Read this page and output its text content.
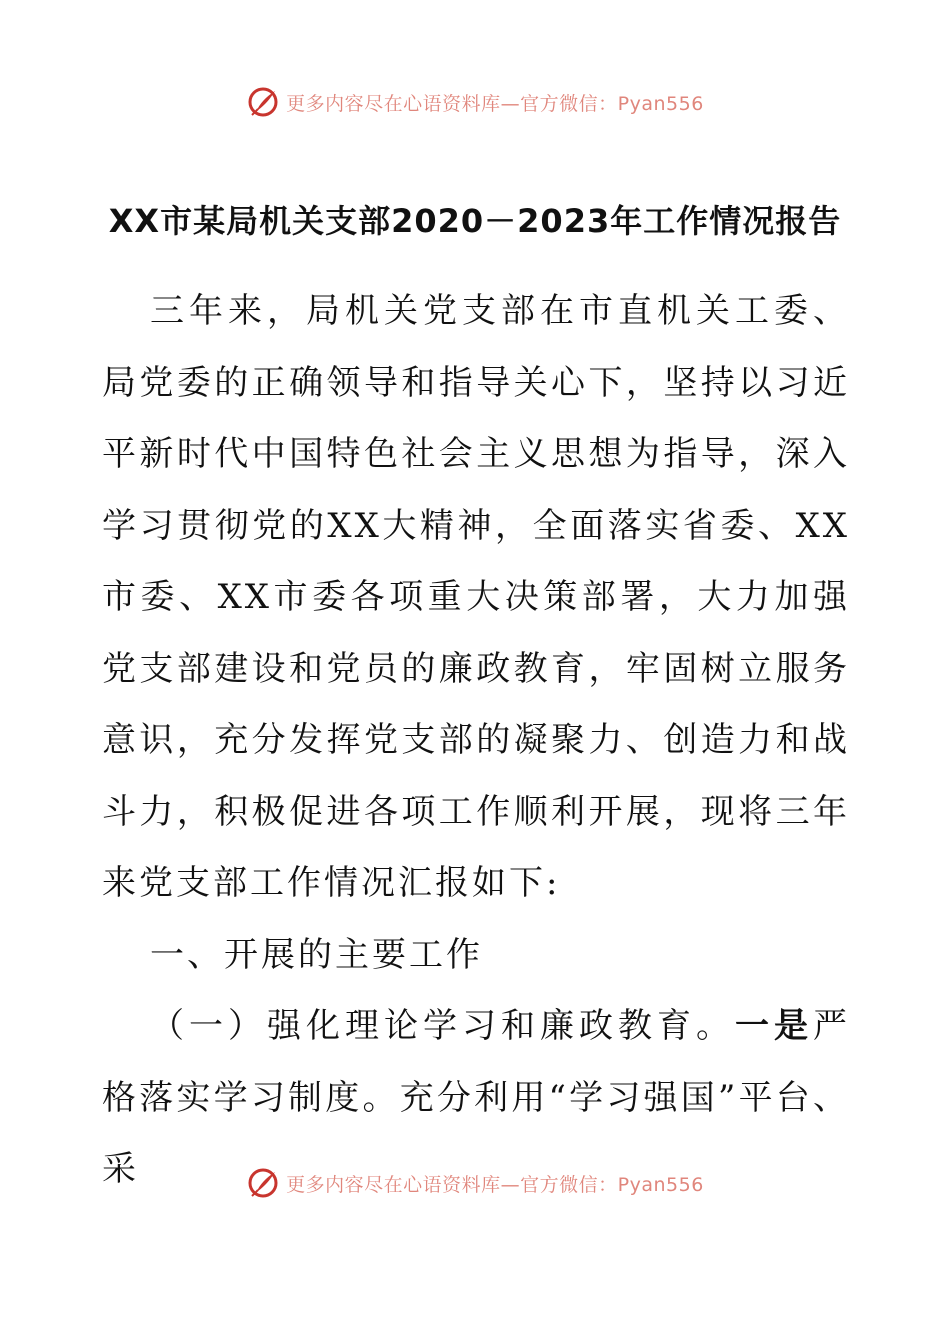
更多内容尽在心语资料库—官方微信：Pyan556
XX市某局机关支部2020－2023年工作情况报告

三年来，局机关党支部在市直机关工委、局党委的正确领导和指导关心下，坚持以习近平新时代中国特色社会主义思想为指导，深入学习贯彻党的XX大精神，全面落实省委、XX市委、XX市委各项重大决策部署，大力加强党支部建设和党员的廉政教育，牢固树立服务意识，充分发挥党支部的凝聚力、创造力和战斗力，积极促进各项工作顺利开展，现将三年来党支部工作情况汇报如下:

一、开展的主要工作

（一）强化理论学习和廉政教育。一是严格落实学习制度。充分利用“学习强国”平台、采	更多内容尽在心语资料库—官方微信：Pyan556
